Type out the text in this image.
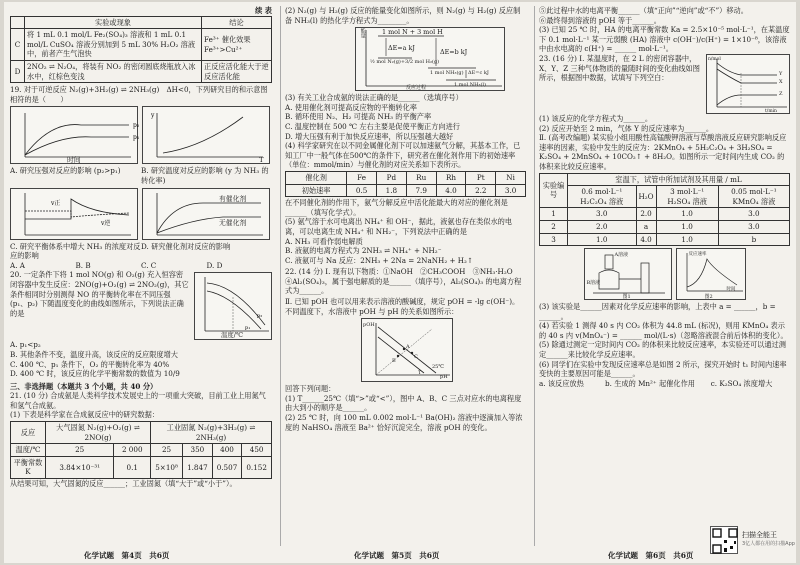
续 表
	实验或现象	结论
C	将 1 mL 0.1 mol/L Fe₂(SO₄)₃ 溶液和 1 mL 0.1 mol/L CuSO₄ 溶液分别加到 5 mL 30% H₂O₂ 溶液中，前者产生气泡快	Fe³⁺ 催化效果 Fe³⁺>Cu²⁺
D	2NO₂ ⇌ N₂O₄，将装有 NO₂ 的密闭圆底烧瓶放入冰水中，红棕色变浅	正反应活化能大于逆反应活化能
19. 对于可逆反应 N₂(g)+3H₂(g) ⇌ 2NH₃(g)　ΔH<0，下列研究目的和示意图相符的是（　　）
p₂
p₁
时间
y
T
A. 研究压强对反应的影响 (p₂>p₁)	B. 研究温度对反应的影响 (y 为 NH₃ 的转化率)
v正
v逆
有催化剂
无催化剂
C. 研究平衡体系中增大 NH₃ 的浓度对反应的影响
D. 研究催化剂对反应的影响
A. A	B. B	C. C	D. D
20. 一定条件下将 1 mol NO(g) 和 O₂(g) 充入恒容密闭容器中发生反应：2NO(g)+O₂(g) ⇌ 2NO₂(g)，其它条件相同时分别测得 NO 的平衡转化率在不同压强 (p₁、p₂) 下随温度变化的曲线如图所示，下列说法正确的是	p₂
p₁
温度/℃
A. p₁<p₂
B. 其他条件不变，温度升高，该反应的反应限度增大
C. 400 ℃、p₁ 条件下，O₂ 的平衡转化率为 40%
D. 400 ℃ 时，该反应的化学平衡常数的数值为 10/9
三、非选择题（本题共 3 个小题，共 40 分）
21. (10 分) 合成氨是人类科学技术发展史上的一项重大突破，目前工业上用氮气和氢气合成氨。
(1) 下表是科学家在合成氨反应中的研究数据：
反应	大气固氮 N₂(g)+O₂(g) ⇌ 2NO(g)		工业固氮 N₂(g)+3H₂(g) ⇌ 2NH₃(g)			
温度/℃	25	2 000	25	350	400	450
平衡常数 K	3.84×10⁻³¹	0.1	5×10⁸	1.847	0.507	0.152
从结果可知，大气固氮的反应______；工业固氮（填“大于”或“小于”）。
化学试题　第4页　共6页
(2) N₂(g) 与 H₂(g) 反应的能量变化如图所示，则 N₂(g) 与 H₂(g) 反应制备 NH₃(l) 的热化学方程式为________。
1 mol N + 3 mol H
ΔE=a kJ
½ mol N₂(g)+3/2 mol H₂(g)
ΔE=b kJ
1 mol NH₃(g) ΔE=c kJ
1 mol NH₃(l)
反应过程
能量
(3) 有关工业合成氨的说法正确的是______（选填序号）
A. 使用催化剂可提高反应物的平衡转化率
B. 循环使用 N₂、H₂ 可提高 NH₃ 的平衡产率
C. 温度控制在 500 ℃ 左右主要是促使平衡正方向进行
D. 增大压强有利于加快反应速率，所以压强越大越好
(4) 科学家研究在以不同金属催化剂下可以加速氨气分解，其基本工作，已知工厂中一般气体在500℃的条件下，研究者在催化剂作用下的初始速率（单位：mmol/min）与催化剂的对应关系如下表所示。
催化剂	Fe	Pd	Ru	Rh	Pt	Ni
初始速率	0.5	1.8	7.9	4.0	2.2	3.0
在不同催化剂的作用下，氨气分解反应中活化能最大的对应的催化剂是______（填写化学式）。
(5) 氨气溶于水可电离出 NH₄⁺ 和 OH⁻，据此，液氨也存在类似水的电离，可以电离生成 NH₄⁺ 和 NH₂⁻，下列说法中正确的是
A. NH₃ 可看作弱电解质
B. 液氨的电离方程式为 2NH₃ ⇌ NH₄⁺ + NH₂⁻
C. 液氨可与 Na 反应：2NH₃ + 2Na = 2NaNH₂ + H₂↑
22. (14 分) Ⅰ. 现有以下物质：①NaOH　②CH₃COOH　③NH₃·H₂O　④Al₂(SO₄)₃，属于强电解质的是______（填序号），Al₂(SO₄)₃ 的电离方程式为______。
Ⅱ. 已知 pOH 也可以用来表示溶液的酸碱度，规定 pOH = -lg c(OH⁻)。不同温度下，水溶液中 pOH 与 pH 的关系如图所示：
pOH
pH
A
B
C
25℃
T
回答下列问题：
(1) T______25℃（填“>”或“<”），图中 A、B、C 三点对应水的电离程度由大到小的顺序是______。
(2) 25 ℃ 时，向 100 mL 0.002 mol·L⁻¹ Ba(OH)₂ 溶液中逐滴加入等浓度的 NaHSO₄ 溶液至 Ba²⁺ 恰好沉淀完全，溶液 pOH 的变化。
化学试题　第5页　共6页
⑤此过程中水的电离平衡______（填“正向”“逆向”或“不”）移动。
⑥最终得到溶液的 pOH 等于______。
(3) 已知 25 ℃ 时，HA 的电离平衡常数 Ka = 2.5×10⁻⁵ mol·L⁻¹，在某温度下 0.1 mol·L⁻¹ 某一元弱酸 (HA) 溶液中 c(OH⁻)/c(H⁺) = 1×10⁻⁸，该溶液中由水电离的 c(H⁺) = ______ mol·L⁻¹。
23. (16 分) Ⅰ. 某温度时，在 2 L 的密闭容器中，X、Y、Z 三种气体物质的量随时间的变化曲线如图所示，根据图中数据，试填写下列空白：	Y
X
Z
n/mol
t/min
(1) 该反应的化学方程式为______。
(2) 反应开始至 2 min，气体 Y 的反应速率为______。
Ⅱ. (高考改编题) 某实验小组用酸性高锰酸钾溶液与草酸溶液反应研究影响反应速率的因素，实验中发生的反应为：2KMnO₄ + 5H₂C₂O₄ + 3H₂SO₄ = K₂SO₄ + 2MnSO₄ + 10CO₂↑ + 8H₂O。如图所示一定时间内生成 CO₂ 的体积来比较反应速率。
实验编号	室温下，试管中所加试剂及其用量 / mL			
	0.6 mol·L⁻¹ H₂C₂O₄ 溶液	H₂O	3 mol·L⁻¹ H₂SO₄ 溶液	0.05 mol·L⁻¹ KMnO₄ 溶液
1	3.0	2.0	1.0	3.0
2	2.0	a	1.0	3.0
3	1.0	4.0	1.0	b
A溶液
B溶液
图1
反应速率
时间
图2
(3) 该实验是______因素对化学反应速率的影响，上表中 a = ______，b = ______。
(4) 若实验 1 测得 40 s 内 CO₂ 体积为 44.8 mL (标况)，则用 KMnO₄ 表示的 40 s 内 v(MnO₄⁻) = ______ mol/(L·s)（忽略溶液混合前后体积的变化）。
(5) 除通过测定一定时间内 CO₂ 的体积来比较反应速率，本实验还可以通过测定______来比较化学反应速率。
(6) 同学们在实验中发现反应速率总是如图 2 所示，探究开始时 t₁ 时间内速率变快的主要原因可能是______。
a. 该反应放热	b. 生成的 Mn²⁺ 起催化作用	c. K₂SO₄ 浓度增大
化学试题　第6页　共6页
扫描全能王
3亿人都在用的扫描App
